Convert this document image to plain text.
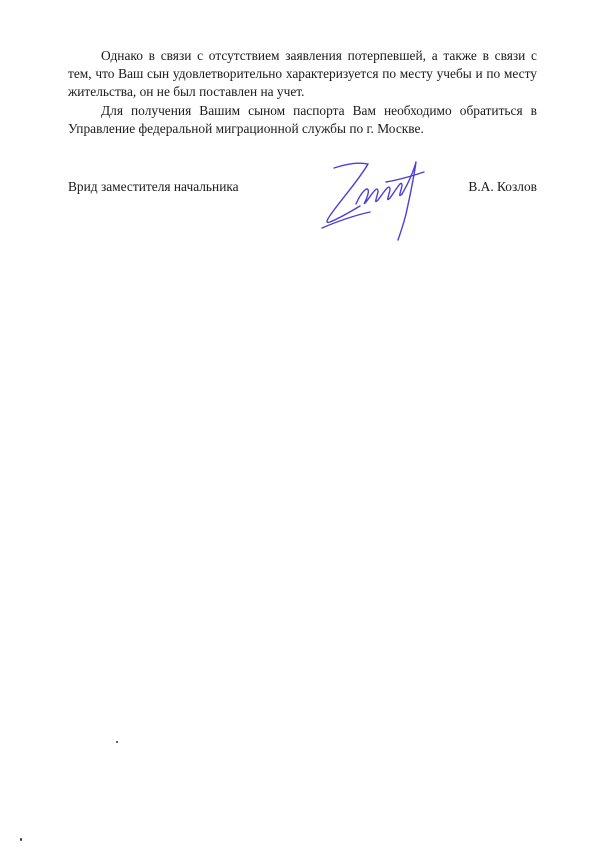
Однако в связи с отсутствием заявления потерпевшей, а также в связи с тем, что Ваш сын удовлетворительно характеризуется по месту учебы и по месту жительства, он не был поставлен на учет.

Для получения Вашим сыном паспорта Вам необходимо обратиться в Управление федеральной миграционной службы по г. Москве.

Врид заместителя начальника	В.А. Козлов
